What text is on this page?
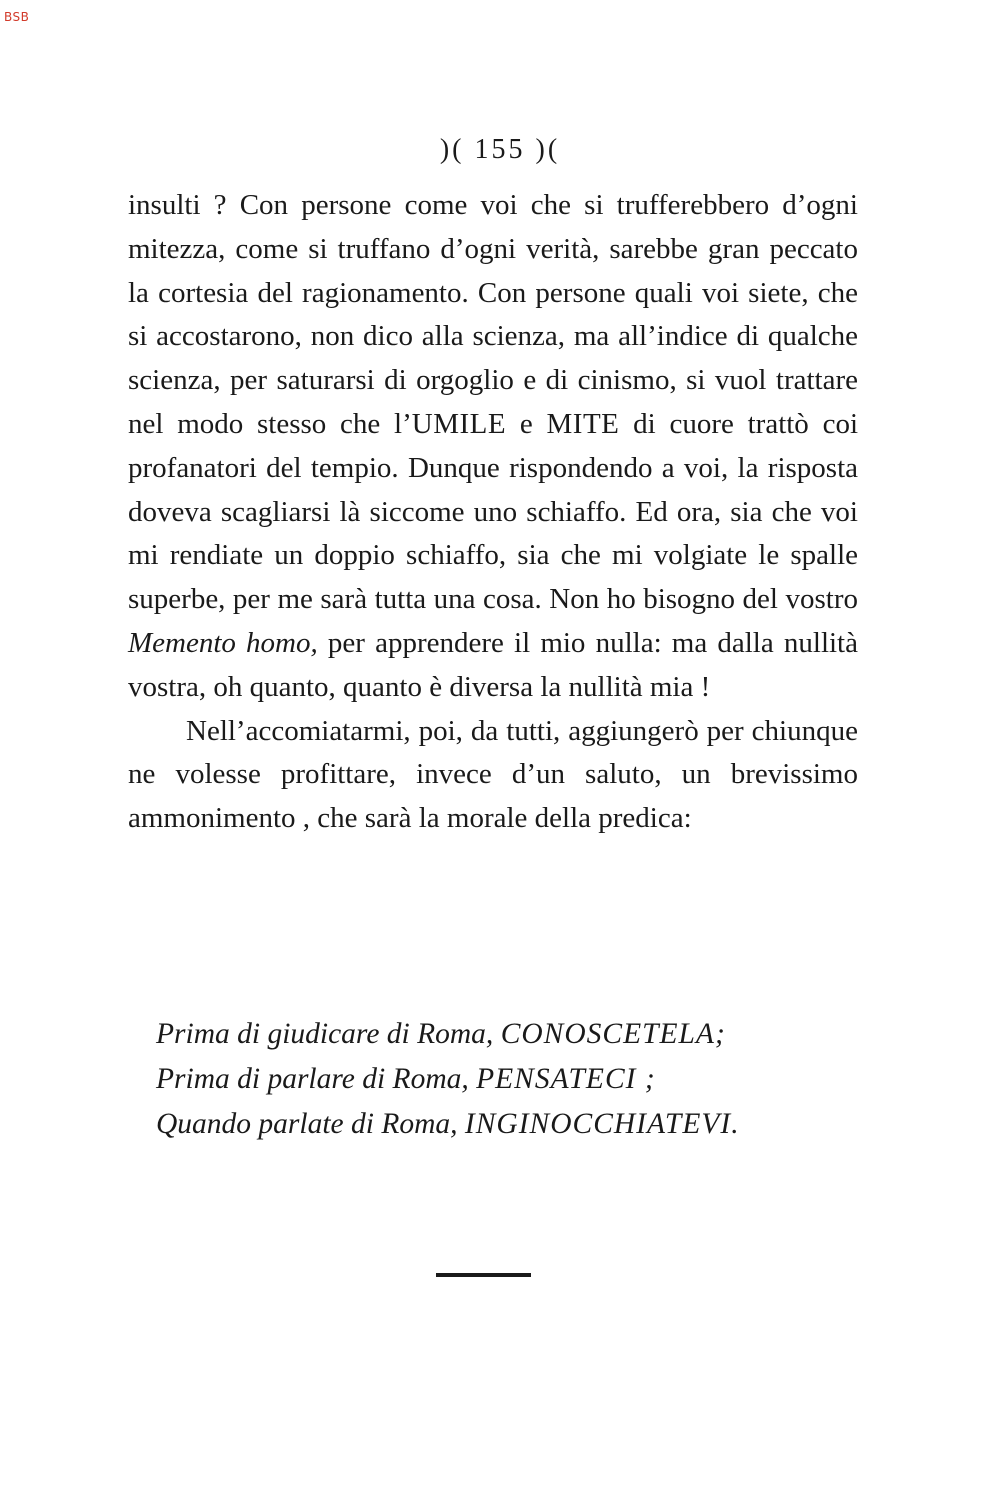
BSB
)( 155 )(

insulti ? Con persone come voi che si trufferebbero d’ogni mitezza, come si truffano d’ogni verità, sarebbe gran peccato la cortesia del ragionamento. Con persone quali voi siete, che si accostarono, non dico alla scienza, ma all’indice di qualche scienza, per saturarsi di orgoglio e di cinismo, si vuol trattare nel modo stesso che l’UMILE e MITE di cuore trattò coi profanatori del tempio. Dunque rispondendo a voi, la risposta doveva scagliarsi là siccome uno schiaffo. Ed ora, sia che voi mi rendiate un doppio schiaffo, sia che mi volgiate le spalle superbe, per me sarà tutta una cosa. Non ho bisogno del vostro Memento homo, per apprendere il mio nulla: ma dalla nullità vostra, oh quanto, quanto è diversa la nullità mia !

Nell’accomiatarmi, poi, da tutti, aggiungerò per chiunque ne volesse profittare, invece d’un saluto, un brevissimo ammonimento , che sarà la morale della predica:

Prima di giudicare di Roma, CONOSCETELA;
Prima di parlare di Roma, PENSATECI ;
Quando parlate di Roma, INGINOCCHIATEVI.
